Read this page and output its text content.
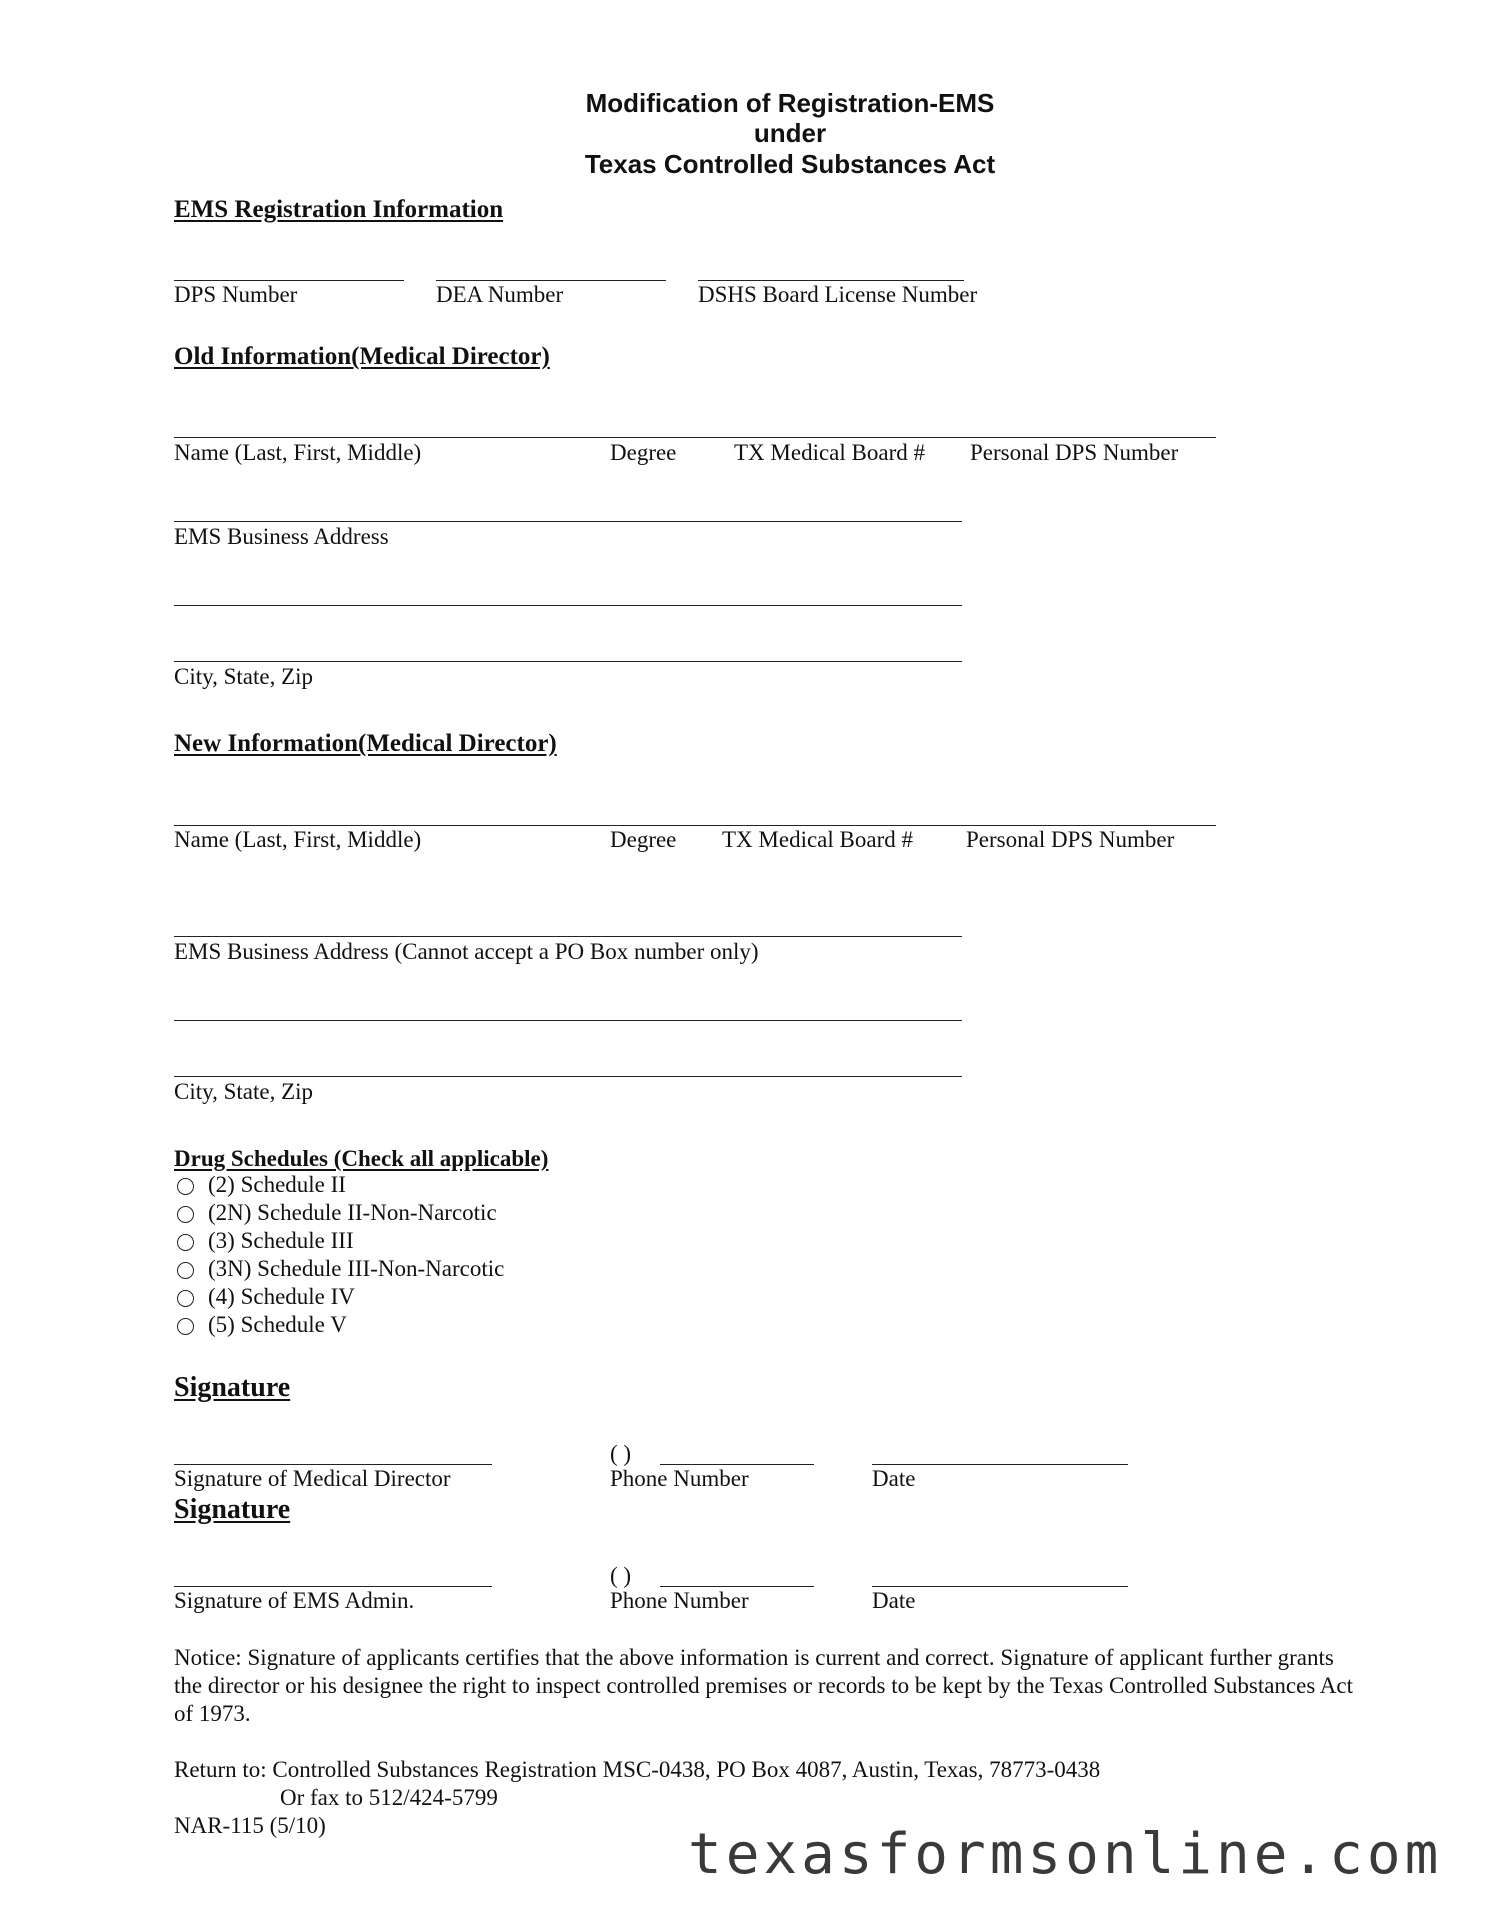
Modification of Registration-EMS
under
Texas Controlled Substances Act
EMS Registration Information
DPS Number	DEA Number	DSHS Board License Number
Old Information(Medical Director)
Name (Last, First, Middle)	Degree	TX Medical Board # Personal DPS Number
EMS Business Address
City, State, Zip
New Information(Medical Director)
Name (Last, First, Middle)	Degree TX Medical Board # Personal DPS Number
EMS Business Address (Cannot accept a PO Box number only)
City, State, Zip
Drug Schedules (Check all applicable)
(2) Schedule II
(2N) Schedule II-Non-Narcotic
(3) Schedule III
(3N) Schedule III-Non-Narcotic
(4) Schedule IV
(5) Schedule V
Signature
( )
Signature of Medical Director	Phone Number	Date
Signature
( )
Signature of EMS Admin.	Phone Number	Date
Notice: Signature of applicants certifies that the above information is current and correct. Signature of applicant further grants the director or his designee the right to inspect controlled premises or records to be kept by the Texas Controlled Substances Act of 1973.
Return to: Controlled Substances Registration MSC-0438, PO Box 4087, Austin, Texas, 78773-0438
Or fax to 512/424-5799
NAR-115 (5/10)	texasformsonline.com
